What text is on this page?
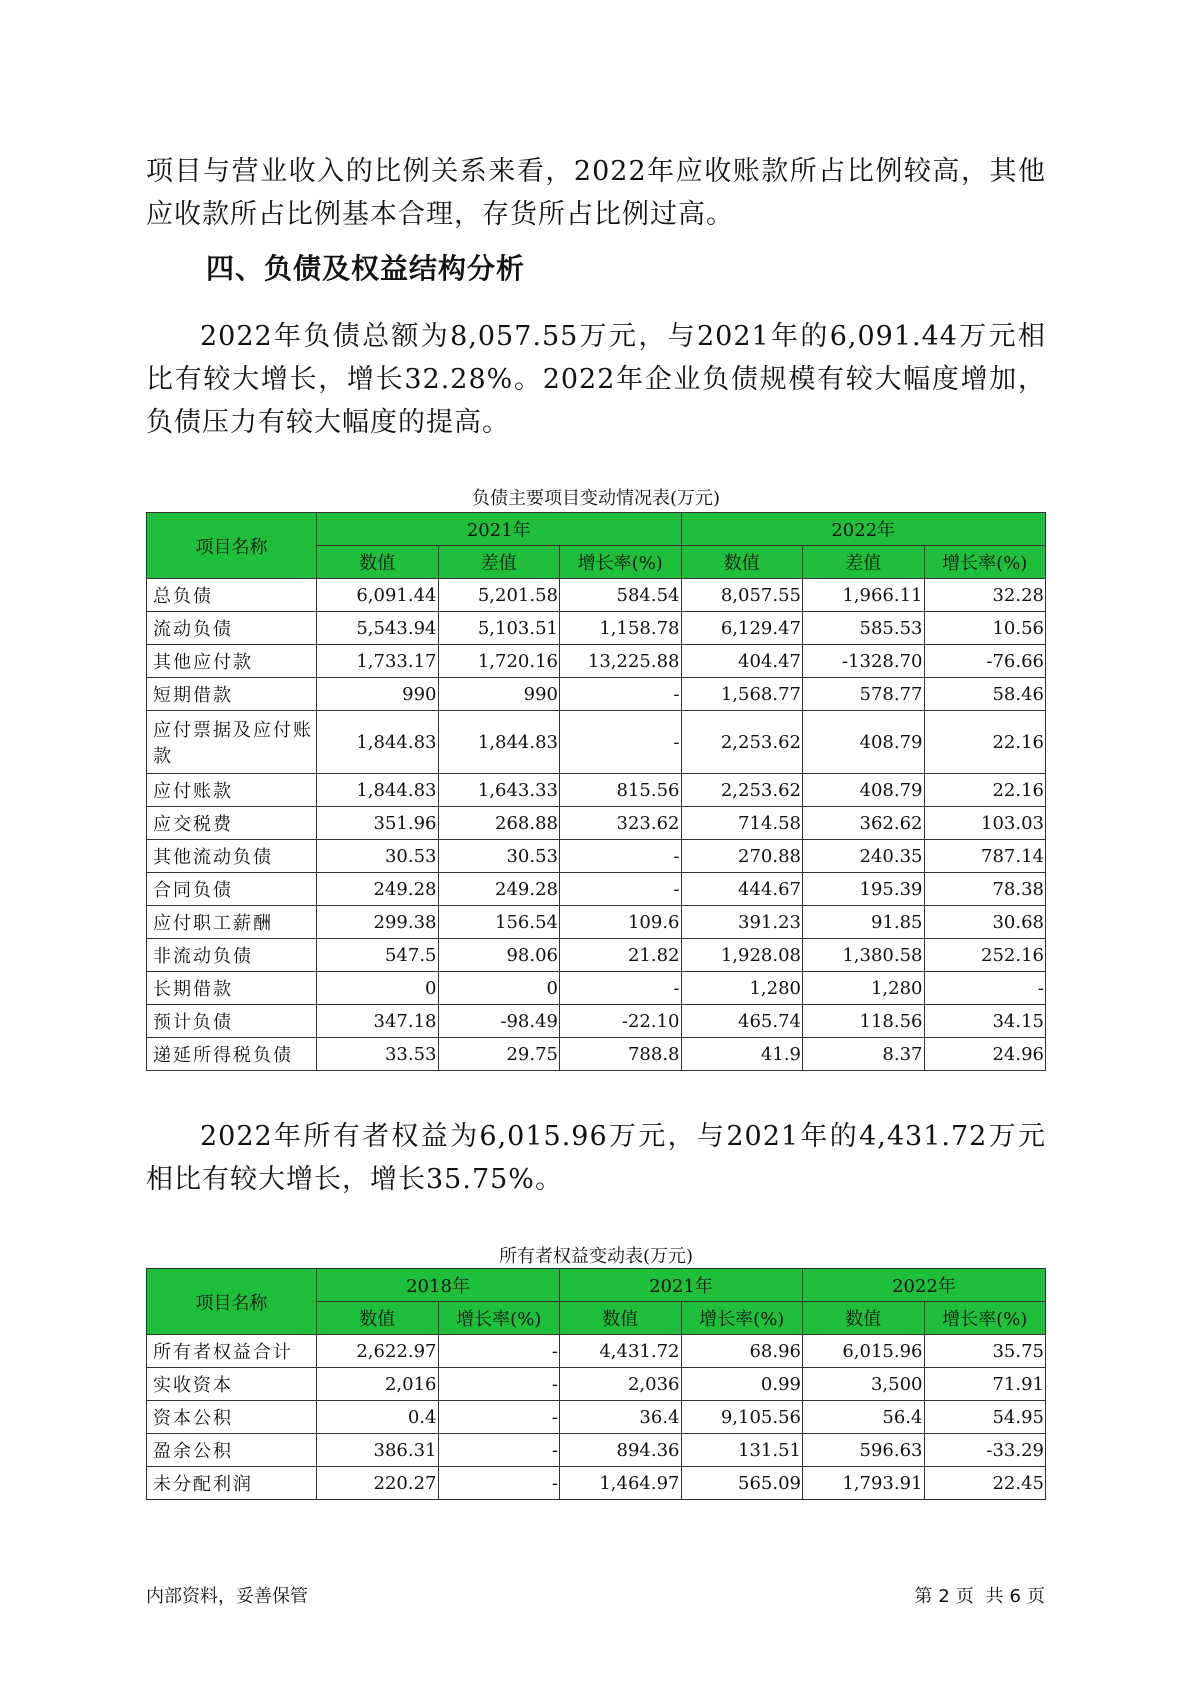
项目与营业收入的比例关系来看，2022年应收账款所占比例较高，其他应收款所占比例基本合理，存货所占比例过高。

四、负债及权益结构分析

2022年负债总额为8,057.55万元，与2021年的6,091.44万元相比有较大增长，增长32.28%。2022年企业负债规模有较大幅度增加，负债压力有较大幅度的提高。

负债主要项目变动情况表(万元)
项目名称	2021年			2022年		
	数值	差值	增长率(%)	数值	差值	增长率(%)
总负债	6,091.44	5,201.58	584.54	8,057.55	1,966.11	32.28
流动负债	5,543.94	5,103.51	1,158.78	6,129.47	585.53	10.56
其他应付款	1,733.17	1,720.16	13,225.88	404.47	-1328.70	-76.66
短期借款	990	990	-	1,568.77	578.77	58.46
应付票据及应付账款	1,844.83	1,844.83	-	2,253.62	408.79	22.16
应付账款	1,844.83	1,643.33	815.56	2,253.62	408.79	22.16
应交税费	351.96	268.88	323.62	714.58	362.62	103.03
其他流动负债	30.53	30.53	-	270.88	240.35	787.14
合同负债	249.28	249.28	-	444.67	195.39	78.38
应付职工薪酬	299.38	156.54	109.6	391.23	91.85	30.68
非流动负债	547.5	98.06	21.82	1,928.08	1,380.58	252.16
长期借款	0	0	-	1,280	1,280	-
预计负债	347.18	-98.49	-22.10	465.74	118.56	34.15
递延所得税负债	33.53	29.75	788.8	41.9	8.37	24.96

2022年所有者权益为6,015.96万元，与2021年的4,431.72万元相比有较大增长，增长35.75%。

所有者权益变动表(万元)
项目名称	2018年		2021年		2022年	
	数值	增长率(%)	数值	增长率(%)	数值	增长率(%)
所有者权益合计	2,622.97	-	4,431.72	68.96	6,015.96	35.75
实收资本	2,016	-	2,036	0.99	3,500	71.91
资本公积	0.4	-	36.4	9,105.56	56.4	54.95
盈余公积	386.31	-	894.36	131.51	596.63	-33.29
未分配利润	220.27	-	1,464.97	565.09	1,793.91	22.45
内部资料，妥善保管	第 2 页 共 6 页
